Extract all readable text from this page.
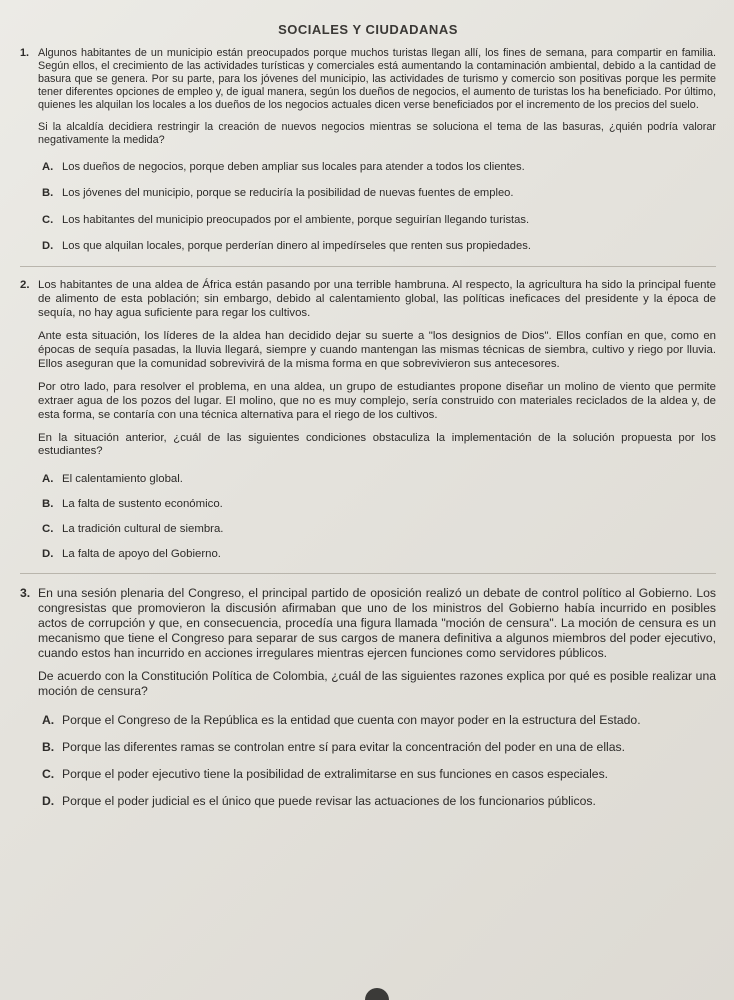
SOCIALES Y CIUDADANAS
1. Algunos habitantes de un municipio están preocupados porque muchos turistas llegan allí, los fines de semana, para compartir en familia. Según ellos, el crecimiento de las actividades turísticas y comerciales está aumentando la contaminación ambiental, debido a la cantidad de basura que se genera. Por su parte, para los jóvenes del municipio, las actividades de turismo y comercio son positivas porque les permite tener diferentes opciones de empleo y, de igual manera, según los dueños de negocios, el aumento de turistas los ha beneficiado. Por último, quienes les alquilan los locales a los dueños de los negocios actuales dicen verse beneficiados por el incremento de los precios del suelo.

Si la alcaldía decidiera restringir la creación de nuevos negocios mientras se soluciona el tema de las basuras, ¿quién podría valorar negativamente la medida?

A. Los dueños de negocios, porque deben ampliar sus locales para atender a todos los clientes.
B. Los jóvenes del municipio, porque se reduciría la posibilidad de nuevas fuentes de empleo.
C. Los habitantes del municipio preocupados por el ambiente, porque seguirían llegando turistas.
D. Los que alquilan locales, porque perderían dinero al impedírseles que renten sus propiedades.
2. Los habitantes de una aldea de África están pasando por una terrible hambruna. Al respecto, la agricultura ha sido la principal fuente de alimento de esta población; sin embargo, debido al calentamiento global, las políticas ineficaces del presidente y la época de sequía, no hay agua suficiente para regar los cultivos.

Ante esta situación, los líderes de la aldea han decidido dejar su suerte a "los designios de Dios". Ellos confían en que, como en épocas de sequía pasadas, la lluvia llegará, siempre y cuando mantengan las mismas técnicas de siembra, cultivo y riego por lluvia. Ellos aseguran que la comunidad sobrevivirá de la misma forma en que sobrevivieron sus antecesores.

Por otro lado, para resolver el problema, en una aldea, un grupo de estudiantes propone diseñar un molino de viento que permite extraer agua de los pozos del lugar. El molino, que no es muy complejo, sería construido con materiales reciclados de la aldea y, de esta forma, se contaría con una técnica alternativa para el riego de los cultivos.

En la situación anterior, ¿cuál de las siguientes condiciones obstaculiza la implementación de la solución propuesta por los estudiantes?

A. El calentamiento global.
B. La falta de sustento económico.
C. La tradición cultural de siembra.
D. La falta de apoyo del Gobierno.
3. En una sesión plenaria del Congreso, el principal partido de oposición realizó un debate de control político al Gobierno. Los congresistas que promovieron la discusión afirmaban que uno de los ministros del Gobierno había incurrido en posibles actos de corrupción y que, en consecuencia, procedía una figura llamada "moción de censura". La moción de censura es un mecanismo que tiene el Congreso para separar de sus cargos de manera definitiva a algunos miembros del poder ejecutivo, cuando estos han incurrido en acciones irregulares mientras ejercen funciones como servidores públicos.

De acuerdo con la Constitución Política de Colombia, ¿cuál de las siguientes razones explica por qué es posible realizar una moción de censura?

A. Porque el Congreso de la República es la entidad que cuenta con mayor poder en la estructura del Estado.
B. Porque las diferentes ramas se controlan entre sí para evitar la concentración del poder en una de ellas.
C. Porque el poder ejecutivo tiene la posibilidad de extralimitarse en sus funciones en casos especiales.
D. Porque el poder judicial es el único que puede revisar las actuaciones de los funcionarios públicos.
